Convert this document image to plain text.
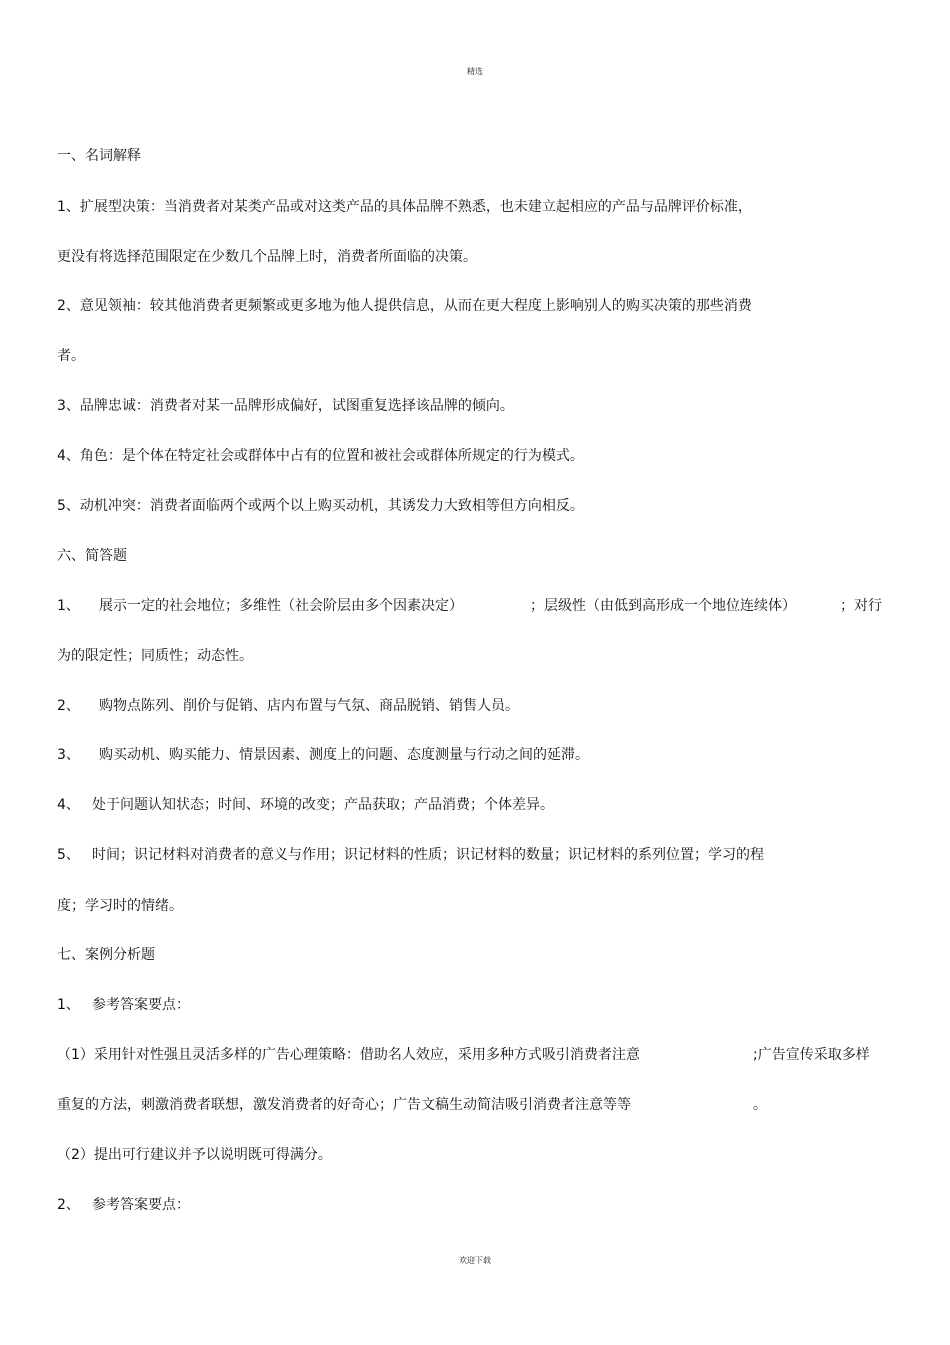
精选
一、名词解释
1、扩展型决策：当消费者对某类产品或对这类产品的具体品牌不熟悉，也未建立起相应的产品与品牌评价标准，
更没有将选择范围限定在少数几个品牌上时，消费者所面临的决策。
2、意见领袖：较其他消费者更频繁或更多地为他人提供信息，从而在更大程度上影响别人的购买决策的那些消费
者。
3、品牌忠诚：消费者对某一品牌形成偏好，试图重复选择该品牌的倾向。
4、角色：是个体在特定社会或群体中占有的位置和被社会或群体所规定的行为模式。
5、动机冲突：消费者面临两个或两个以上购买动机，其诱发力大致相等但方向相反。
六、简答题
1、 展示一定的社会地位；多维性（社会阶层由多个因素决定）	；层级性（由低到高形成一个地位连续体）	；对行
为的限定性；同质性；动态性。
2、 购物点陈列、削价与促销、店内布置与气氛、商品脱销、销售人员。
3、 购买动机、购买能力、情景因素、测度上的问题、态度测量与行动之间的延滞。
4、 处于问题认知状态；时间、环境的改变；产品获取；产品消费；个体差异。
5、 时间；识记材料对消费者的意义与作用；识记材料的性质；识记材料的数量；识记材料的系列位置；学习的程
度；学习时的情绪。
七、案例分析题
1、 参考答案要点：
（1）采用针对性强且灵活多样的广告心理策略：借助名人效应，采用多种方式吸引消费者注意	;广告宣传采取多样
重复的方法，刺激消费者联想，激发消费者的好奇心；广告文稿生动简洁吸引消费者注意等等	。
（2）提出可行建议并予以说明既可得满分。
2、 参考答案要点：
欢迎下载
